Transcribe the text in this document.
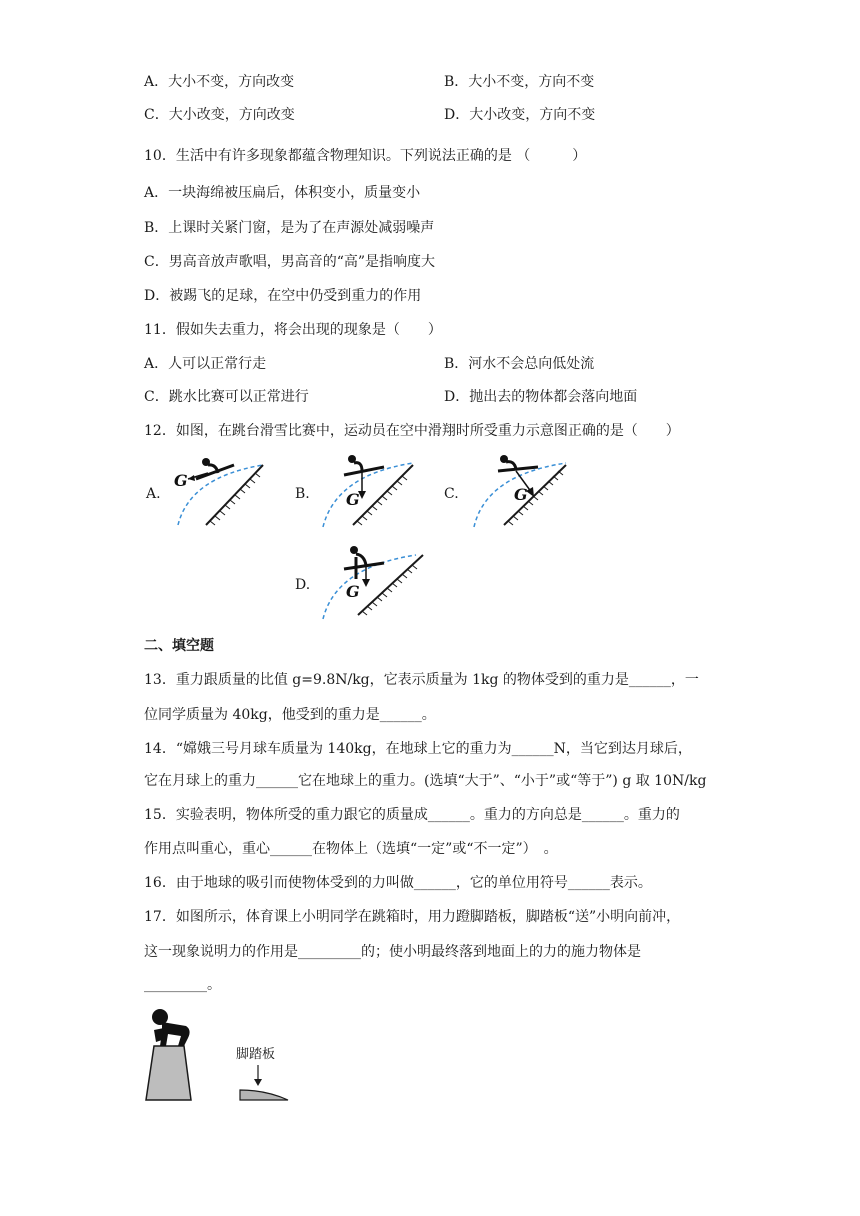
A．大小不变，方向改变	B．大小不变，方向不变
C．大小改变，方向改变	D．大小改变，方向不变
10．生活中有许多现象都蕴含物理知识。下列说法正确的是 （　　　）
A．一块海绵被压扁后，体积变小，质量变小
B．上课时关紧门窗，是为了在声源处减弱噪声
C．男高音放声歌唱，男高音的“高”是指响度大
D．被踢飞的足球，在空中仍受到重力的作用
11．假如失去重力，将会出现的现象是（　　）
A．人可以正常行走	B．河水不会总向低处流
C．跳水比赛可以正常进行	D．抛出去的物体都会落向地面
12．如图，在跳台滑雪比赛中，运动员在空中滑翔时所受重力示意图正确的是（　　）
A.
G
B. G	C.	G
D. G
二、填空题
13．重力跟质量的比值 g=9.8N/kg，它表示质量为 1kg 的物体受到的重力是______，一
位同学质量为 40kg，他受到的重力是______。
14．“嫦娥三号月球车质量为 140kg，在地球上它的重力为______N，当它到达月球后，
它在月球上的重力______它在地球上的重力。(选填“大于”、“小于”或“等于”) g 取 10N/kg
15．实验表明，物体所受的重力跟它的质量成______。重力的方向总是______。重力的
作用点叫重心，重心______在物体上（选填“一定”或“不一定”）　。
16．由于地球的吸引而使物体受到的力叫做______，它的单位用符号______表示。
17．如图所示，体育课上小明同学在跳箱时，用力蹬脚踏板，脚踏板“送”小明向前冲，
这一现象说明力的作用是_________的；使小明最终落到地面上的力的施力物体是
_________。
脚踏板
